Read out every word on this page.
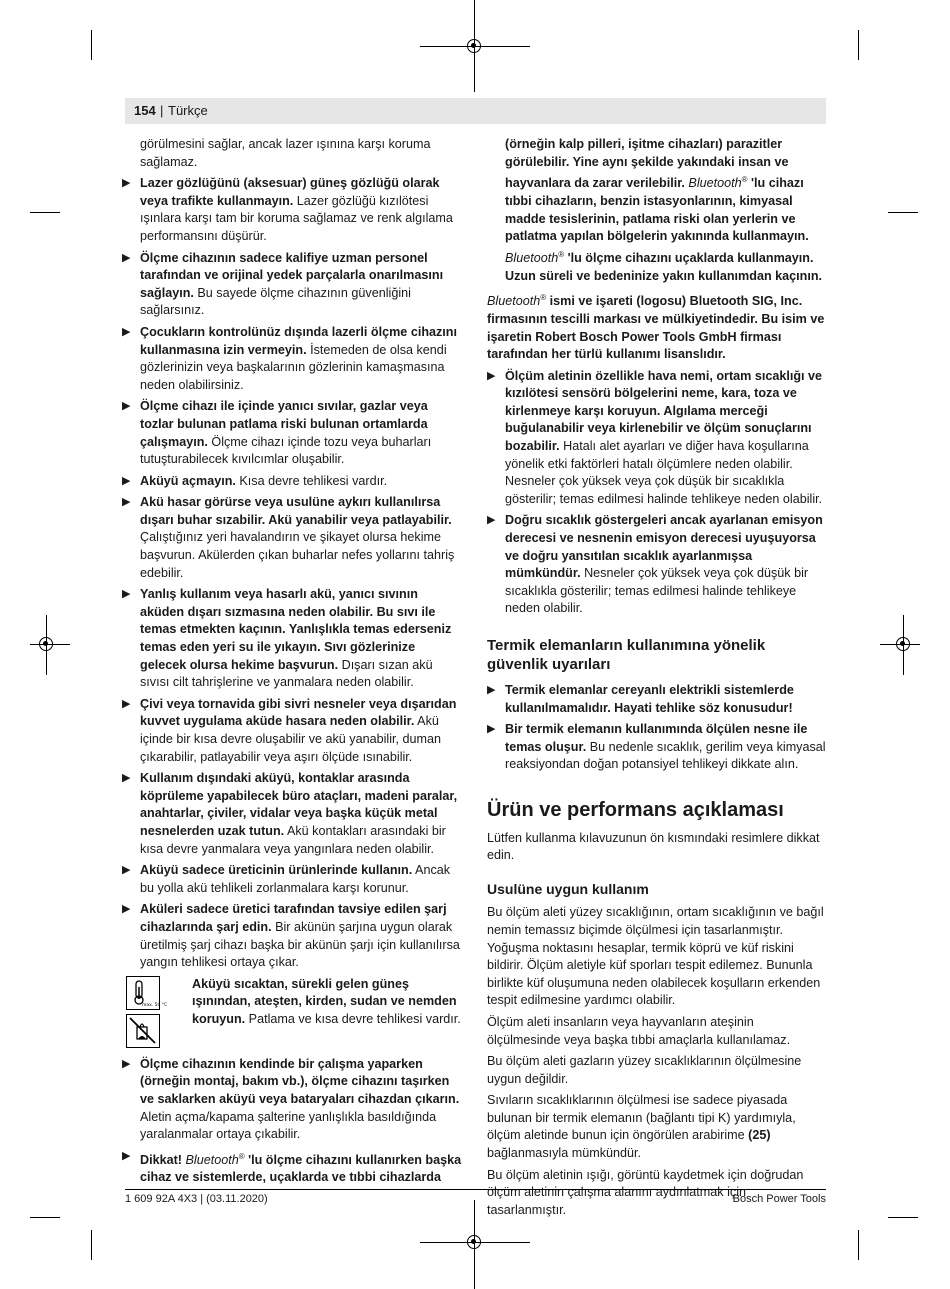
154 | Türkçe
görülmesini sağlar, ancak lazer ışınına karşı koruma sağlamaz.
▶ Lazer gözlüğünü (aksesuar) güneş gözlüğü olarak veya trafikte kullanmayın. Lazer gözlüğü kızılötesi ışınlara karşı tam bir koruma sağlamaz ve renk algılama performansını düşürür.
▶ Ölçme cihazının sadece kalifiye uzman personel tarafından ve orijinal yedek parçalarla onarılmasını sağlayın. Bu sayede ölçme cihazının güvenliğini sağlarsınız.
▶ Çocukların kontrolünüz dışında lazerli ölçme cihazını kullanmasına izin vermeyin. İstemeden de olsa kendi gözlerinizin veya başkalarının gözlerinin kamaşmasına neden olabilirsiniz.
▶ Ölçme cihazı ile içinde yanıcı sıvılar, gazlar veya tozlar bulunan patlama riski bulunan ortamlarda çalışmayın. Ölçme cihazı içinde tozu veya buharları tutuşturabilecek kıvılcımlar oluşabilir.
▶ Aküyü açmayın. Kısa devre tehlikesi vardır.
▶ Akü hasar görürse veya usulüne aykırı kullanılırsa dışarı buhar sızabilir. Akü yanabilir veya patlayabilir. Çalıştığınız yeri havalandırın ve şikayet olursa hekime başvurun. Akülerden çıkan buharlar nefes yollarını tahriş edebilir.
▶ Yanlış kullanım veya hasarlı akü, yanıcı sıvının aküden dışarı sızmasına neden olabilir. Bu sıvı ile temas etmekten kaçının. Yanlışlıkla temas ederseniz temas eden yeri su ile yıkayın. Sıvı gözlerinize gelecek olursa hekime başvurun. Dışarı sızan akü sıvısı cilt tahrişlerine ve yanmalara neden olabilir.
▶ Çivi veya tornavida gibi sivri nesneler veya dışarıdan kuvvet uygulama aküde hasara neden olabilir. Akü içinde bir kısa devre oluşabilir ve akü yanabilir, duman çıkarabilir, patlayabilir veya aşırı ölçüde ısınabilir.
▶ Kullanım dışındaki aküyü, kontaklar arasında köprüleme yapabilecek büro ataçları, madeni paralar, anahtarlar, çiviler, vidalar veya başka küçük metal nesnelerden uzak tutun. Akü kontakları arasındaki bir kısa devre yanmalara veya yangınlara neden olabilir.
▶ Aküyü sadece üreticinin ürünlerinde kullanın. Ancak bu yolla akü tehlikeli zorlanmalara karşı korunur.
▶ Aküleri sadece üretici tarafından tavsiye edilen şarj cihazlarında şarj edin. Bir akünün şarjına uygun olarak üretilmiş şarj cihazı başka bir akünün şarjı için kullanılırsa yangın tehlikesi ortaya çıkar.
max. 50 °C
Aküyü sıcaktan, sürekli gelen güneş ışınından, ateşten, kirden, sudan ve nemden koruyun. Patlama ve kısa devre tehlikesi vardır.
▶ Ölçme cihazının kendinde bir çalışma yaparken (örneğin montaj, bakım vb.), ölçme cihazını taşırken ve saklarken aküyü veya bataryaları cihazdan çıkarın. Aletin açma/kapama şalterine yanlışlıkla basıldığında yaralanmalar ortaya çıkabilir.
▶ Dikkat! Bluetooth® 'lu ölçme cihazını kullanırken başka cihaz ve sistemlerde, uçaklarda ve tıbbi cihazlarda
(örneğin kalp pilleri, işitme cihazları) parazitler görülebilir. Yine aynı şekilde yakındaki insan ve hayvanlara da zarar verilebilir. Bluetooth® 'lu cihazı tıbbi cihazların, benzin istasyonlarının, kimyasal madde tesislerinin, patlama riski olan yerlerin ve patlatma yapılan bölgelerin yakınında kullanmayın. Bluetooth® 'lu ölçme cihazını uçaklarda kullanmayın. Uzun süreli ve bedeninize yakın kullanımdan kaçının.
Bluetooth® ismi ve işareti (logosu) Bluetooth SIG, Inc. firmasının tescilli markası ve mülkiyetindedir. Bu isim ve işaretin Robert Bosch Power Tools GmbH firması tarafından her türlü kullanımı lisanslıdır.
▶ Ölçüm aletinin özellikle hava nemi, ortam sıcaklığı ve kızılötesi sensörü bölgelerini neme, kara, toza ve kirlenmeye karşı koruyun. Algılama merceği buğulanabilir veya kirlenebilir ve ölçüm sonuçlarını bozabilir. Hatalı alet ayarları ve diğer hava koşullarına yönelik etki faktörleri hatalı ölçümlere neden olabilir. Nesneler çok yüksek veya çok düşük bir sıcaklıkla gösterilir; temas edilmesi halinde tehlikeye neden olabilir.
▶ Doğru sıcaklık göstergeleri ancak ayarlanan emisyon derecesi ve nesnenin emisyon derecesi uyuşuyorsa ve doğru yansıtılan sıcaklık ayarlanmışsa mümkündür. Nesneler çok yüksek veya çok düşük bir sıcaklıkla gösterilir; temas edilmesi halinde tehlikeye neden olabilir.
Termik elemanların kullanımına yönelik güvenlik uyarıları
▶ Termik elemanlar cereyanlı elektrikli sistemlerde kullanılmamalıdır. Hayati tehlike söz konusudur!
▶ Bir termik elemanın kullanımında ölçülen nesne ile temas oluşur. Bu nedenle sıcaklık, gerilim veya kimyasal reaksiyondan doğan potansiyel tehlikeyi dikkate alın.
Ürün ve performans açıklaması
Lütfen kullanma kılavuzunun ön kısmındaki resimlere dikkat edin.
Usulüne uygun kullanım
Bu ölçüm aleti yüzey sıcaklığının, ortam sıcaklığının ve bağıl nemin temassız biçimde ölçülmesi için tasarlanmıştır. Yoğuşma noktasını hesaplar, termik köprü ve küf riskini bildirir. Ölçüm aletiyle küf sporları tespit edilemez. Bununla birlikte küf oluşumuna neden olabilecek koşulların erkenden tespit edilmesine yardımcı olabilir.
Ölçüm aleti insanların veya hayvanların ateşinin ölçülmesinde veya başka tıbbi amaçlarla kullanılamaz.
Bu ölçüm aleti gazların yüzey sıcaklıklarının ölçülmesine uygun değildir.
Sıvıların sıcaklıklarının ölçülmesi ise sadece piyasada bulunan bir termik elemanın (bağlantı tipi K) yardımıyla, ölçüm aletinde bunun için öngörülen arabirime (25) bağlanmasıyla mümkündür.
Bu ölçüm aletinin ışığı, görüntü kaydetmek için doğrudan ölçüm aletinin çalışma alanını aydınlatmak için tasarlanmıştır.
1 609 92A 4X3 | (03.11.2020)	Bosch Power Tools
